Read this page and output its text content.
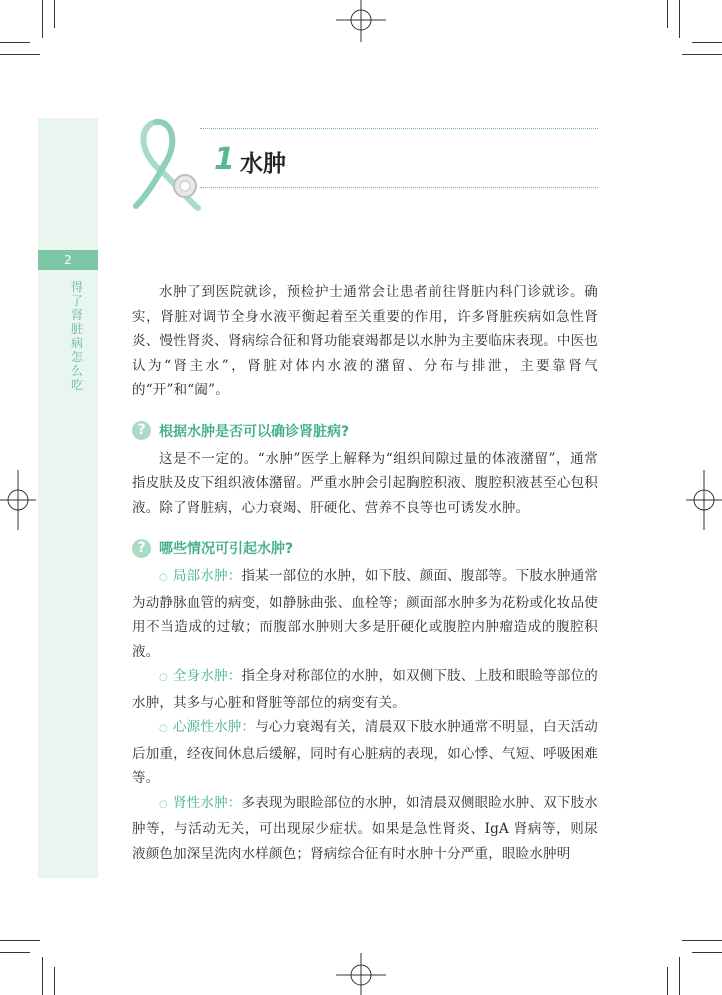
2
得了肾脏病怎么吃
1 水肿

水肿了到医院就诊，预检护士通常会让患者前往肾脏内科门诊就诊。确实，肾脏对调节全身水液平衡起着至关重要的作用，许多肾脏疾病如急性肾炎、慢性肾炎、肾病综合征和肾功能衰竭都是以水肿为主要临床表现。中医也认为“肾主水”，肾脏对体内水液的潴留、分布与排泄，主要靠肾气的“开”和“阖”。

? 根据水肿是否可以确诊肾脏病?

这是不一定的。“水肿”医学上解释为“组织间隙过量的体液潴留”，通常指皮肤及皮下组织液体潴留。严重水肿会引起胸腔积液、腹腔积液甚至心包积液。除了肾脏病，心力衰竭、肝硬化、营养不良等也可诱发水肿。

? 哪些情况可引起水肿?

○ 局部水肿：指某一部位的水肿，如下肢、颜面、腹部等。下肢水肿通常为动静脉血管的病变，如静脉曲张、血栓等；颜面部水肿多为花粉或化妆品使用不当造成的过敏；而腹部水肿则大多是肝硬化或腹腔内肿瘤造成的腹腔积液。

○ 全身水肿：指全身对称部位的水肿，如双侧下肢、上肢和眼睑等部位的水肿，其多与心脏和肾脏等部位的病变有关。

○ 心源性水肿：与心力衰竭有关，清晨双下肢水肿通常不明显，白天活动后加重，经夜间休息后缓解，同时有心脏病的表现，如心悸、气短、呼吸困难等。

○ 肾性水肿：多表现为眼睑部位的水肿，如清晨双侧眼睑水肿、双下肢水肿等，与活动无关，可出现尿少症状。如果是急性肾炎、IgA 肾病等，则尿液颜色加深呈洗肉水样颜色；肾病综合征有时水肿十分严重，眼睑水肿明
